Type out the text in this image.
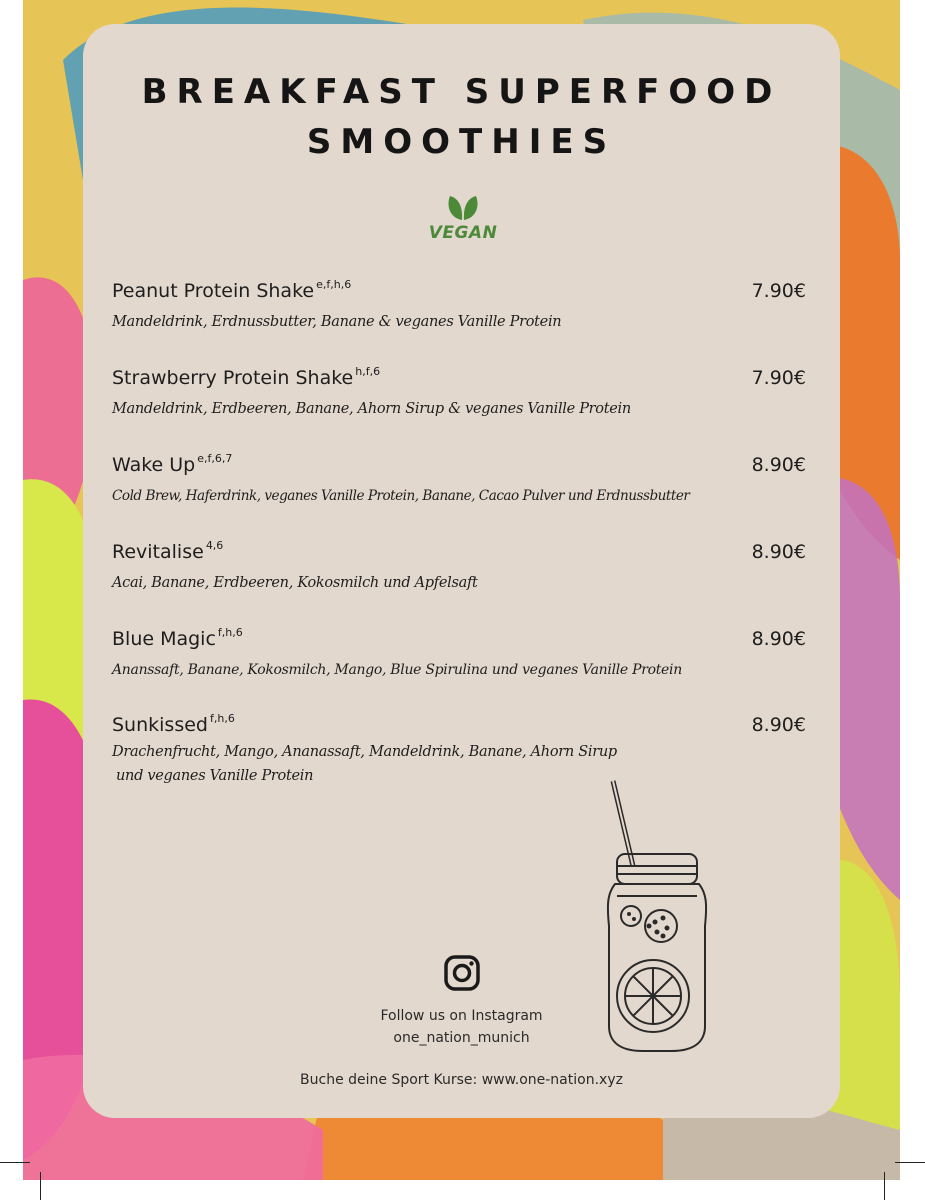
BREAKFAST SUPERFOOD
SMOOTHIES
VEGAN
Peanut Protein Shake $^{e,f,h,6}$	7.90€
Mandeldrink, Erdnussbutter, Banane & veganes Vanille Protein
Strawberry Protein Shake $^{h,f,6}$	7.90€
Mandeldrink, Erdbeeren, Banane, Ahorn Sirup & veganes Vanille Protein
Wake Up $^{e,f,6,7}$	8.90€
Cold Brew, Haferdrink, veganes Vanille Protein, Banane, Cacao Pulver und Erdnussbutter
Revitalise $^{4,6}$	8.90€
Acai, Banane, Erdbeeren, Kokosmilch und Apfelsaft
Blue Magic $^{f,h,6}$	8.90€
Ananssaft, Banane, Kokosmilch, Mango, Blue Spirulina und veganes Vanille Protein
Sunkissed $^{f,h,6}$	8.90€
Drachenfrucht, Mango, Ananassaft, Mandeldrink, Banane, Ahorn Sirup
und veganes Vanille Protein
Follow us on Instagram
one_nation_munich
Buche deine Sport Kurse: www.one-nation.xyz
